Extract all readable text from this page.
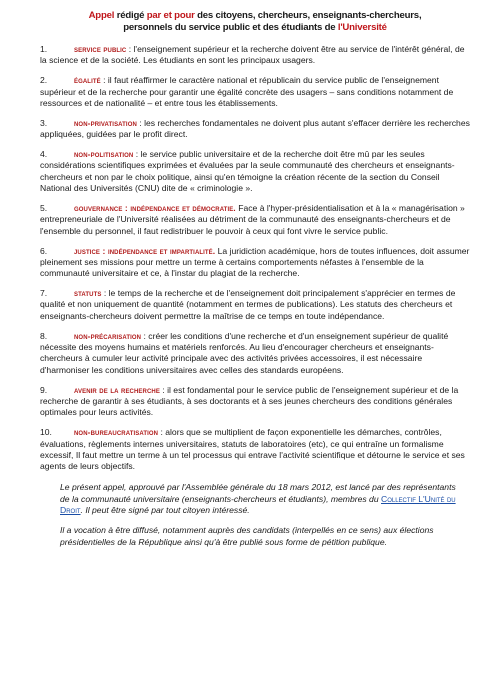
Appel rédigé par et pour des citoyens, chercheurs, enseignants-chercheurs,
personnels du service public et des étudiants de l'Université
1.	service public : l'enseignement supérieur et la recherche doivent être au service de l'intérêt général, de la science et de la société. Les étudiants en sont les principaux usagers.
2.	égalité : il faut réaffirmer le caractère national et républicain du service public de l'enseignement supérieur et de la recherche pour garantir une égalité concrète des usagers – sans conditions notamment de ressources et de nationalité – et entre tous les établissements.
3.	non-privatisation : les recherches fondamentales ne doivent plus autant s'effacer derrière les recherches appliquées, guidées par le profit direct.
4.	non-politisation : le service public universitaire et de la recherche doit être mû par les seules considérations scientifiques exprimées et évaluées par la seule communauté des chercheurs et enseignants-chercheurs et non par le choix politique, ainsi qu'en témoigne la création récente de la section du Conseil National des Universités (CNU) dite de « criminologie ».
5.	gouvernance : indépendance et démocratie. Face à l'hyper-présidentialisation et à la « managérisation » entrepreneuriale de l'Université réalisées au détriment de la communauté des enseignants-chercheurs et de l'ensemble du personnel, il faut redistribuer le pouvoir à ceux qui font vivre le service public.
6.	justice : indépendance et impartialité. La juridiction académique, hors de toutes influences, doit assumer pleinement ses missions pour mettre un terme à certains comportements néfastes à l'ensemble de la communauté universitaire et ce, à l'instar du plagiat de la recherche.
7.	statuts : le temps de la recherche et de l'enseignement doit principalement s'apprécier en termes de qualité et non uniquement de quantité (notamment en termes de publications). Les statuts des chercheurs et enseignants-chercheurs doivent permettre la maîtrise de ce temps en toute indépendance.
8.	non-précarisation : créer les conditions d'une recherche et d'un enseignement supérieur de qualité nécessite des moyens humains et matériels renforcés. Au lieu d'encourager chercheurs et enseignants-chercheurs à cumuler leur activité principale avec des activités privées accessoires, il est nécessaire d'harmoniser les conditions universitaires avec celles des standards européens.
9.	avenir de la recherche : il est fondamental pour le service public de l'enseignement supérieur et de la recherche de garantir à ses étudiants, à ses doctorants et à ses jeunes chercheurs des conditions générales optimales pour leurs activités.
10.	non-bureaucratisation : alors que se multiplient de façon exponentielle les démarches, contrôles, évaluations, règlements internes universitaires, statuts de laboratoires (etc), ce qui entraîne un formalisme excessif, Il faut mettre un terme à un tel processus qui entrave l'activité scientifique et détourne le service et ses agents de leurs objectifs.

Le présent appel, approuvé par l'Assemblée générale du 18 mars 2012, est lancé par des représentants de la communauté universitaire (enseignants-chercheurs et étudiants), membres du Collectif L'Unité du Droit. Il peut être signé par tout citoyen intéressé.

Il a vocation à être diffusé, notamment auprès des candidats (interpellés en ce sens) aux élections présidentielles de la République ainsi qu'à être publié sous forme de pétition publique.
